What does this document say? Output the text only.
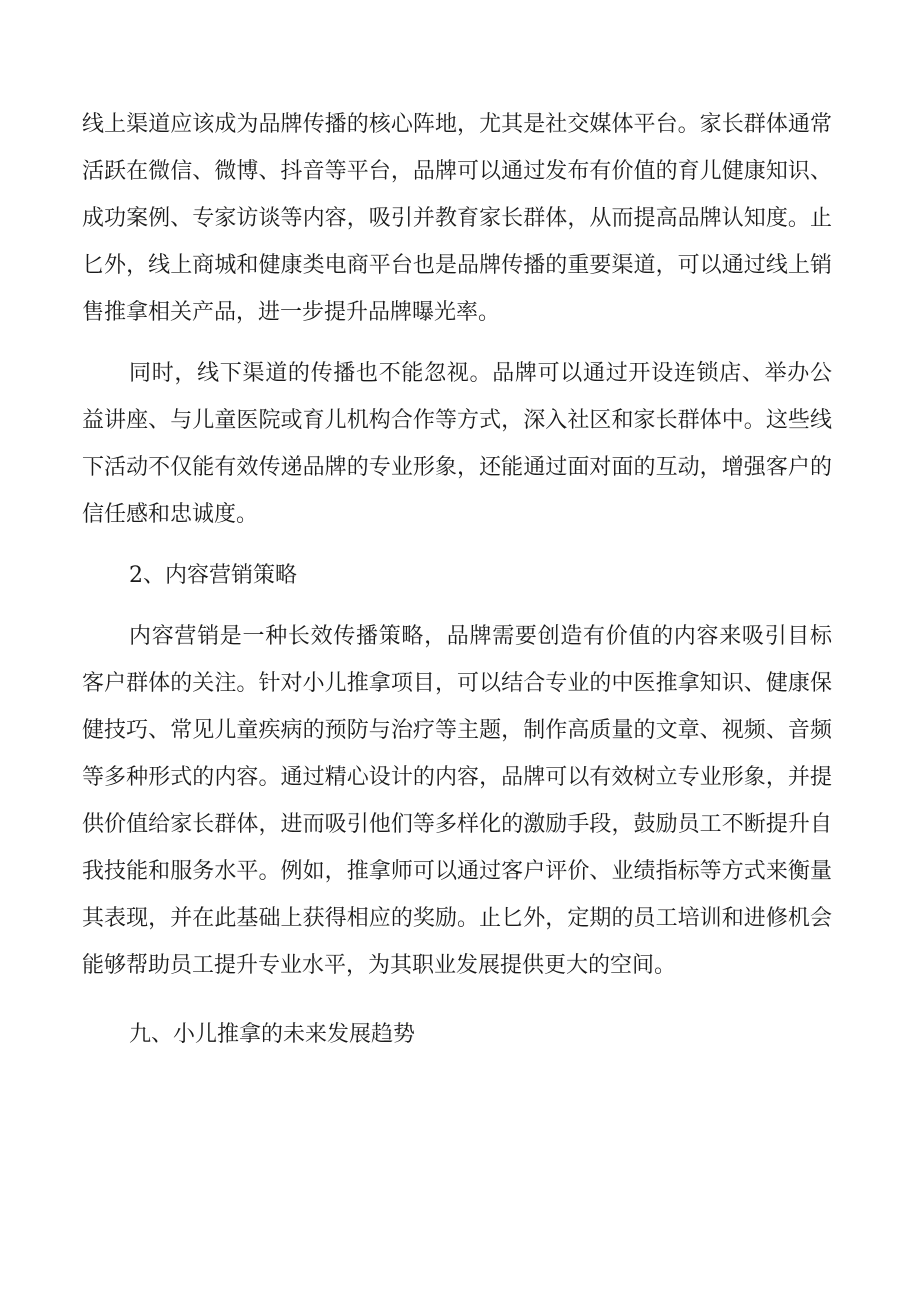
线上渠道应该成为品牌传播的核心阵地，尤其是社交媒体平台。家长群体通常活跃在微信、微博、抖音等平台，品牌可以通过发布有价值的育儿健康知识、成功案例、专家访谈等内容，吸引并教育家长群体，从而提高品牌认知度。止匕外，线上商城和健康类电商平台也是品牌传播的重要渠道，可以通过线上销售推拿相关产品，进一步提升品牌曝光率。

同时，线下渠道的传播也不能忽视。品牌可以通过开设连锁店、举办公益讲座、与儿童医院或育儿机构合作等方式，深入社区和家长群体中。这些线下活动不仅能有效传递品牌的专业形象，还能通过面对面的互动，增强客户的信任感和忠诚度。

2、内容营销策略

内容营销是一种长效传播策略，品牌需要创造有价值的内容来吸引目标客户群体的关注。针对小儿推拿项目，可以结合专业的中医推拿知识、健康保健技巧、常见儿童疾病的预防与治疗等主题，制作高质量的文章、视频、音频等多种形式的内容。通过精心设计的内容，品牌可以有效树立专业形象，并提供价值给家长群体，进而吸引他们等多样化的激励手段，鼓励员工不断提升自我技能和服务水平。例如，推拿师可以通过客户评价、业绩指标等方式来衡量其表现，并在此基础上获得相应的奖励。止匕外，定期的员工培训和进修机会能够帮助员工提升专业水平，为其职业发展提供更大的空间。

九、小儿推拿的未来发展趋势
